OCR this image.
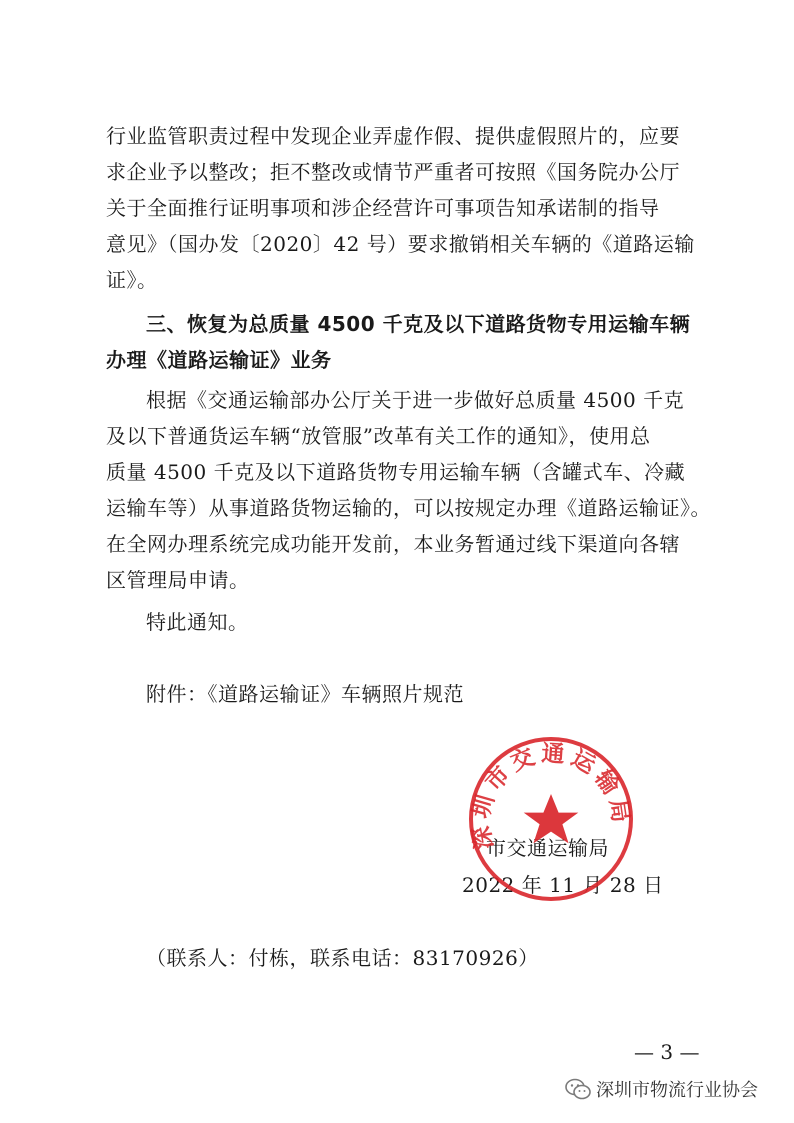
行业监管职责过程中发现企业弄虚作假、提供虚假照片的，应要
求企业予以整改；拒不整改或情节严重者可按照《国务院办公厅
关于全面推行证明事项和涉企经营许可事项告知承诺制的指导
意见》（国办发〔2020〕42 号）要求撤销相关车辆的《道路运输
证》。

三、恢复为总质量 4500 千克及以下道路货物专用运输车辆
办理《道路运输证》业务

根据《交通运输部办公厅关于进一步做好总质量 4500 千克
及以下普通货运车辆“放管服”改革有关工作的通知》，使用总
质量 4500 千克及以下道路货物专用运输车辆（含罐式车、冷藏
运输车等）从事道路货物运输的，可以按规定办理《道路运输证》。
在全网办理系统完成功能开发前，本业务暂通过线下渠道向各辖
区管理局申请。

特此通知。

附件：《道路运输证》车辆照片规范

市交通运输局
2022 年 11 月 28 日
深圳市交通运输局
（联系人：付栋，联系电话：83170926）
— 3 —
深圳市物流行业协会
